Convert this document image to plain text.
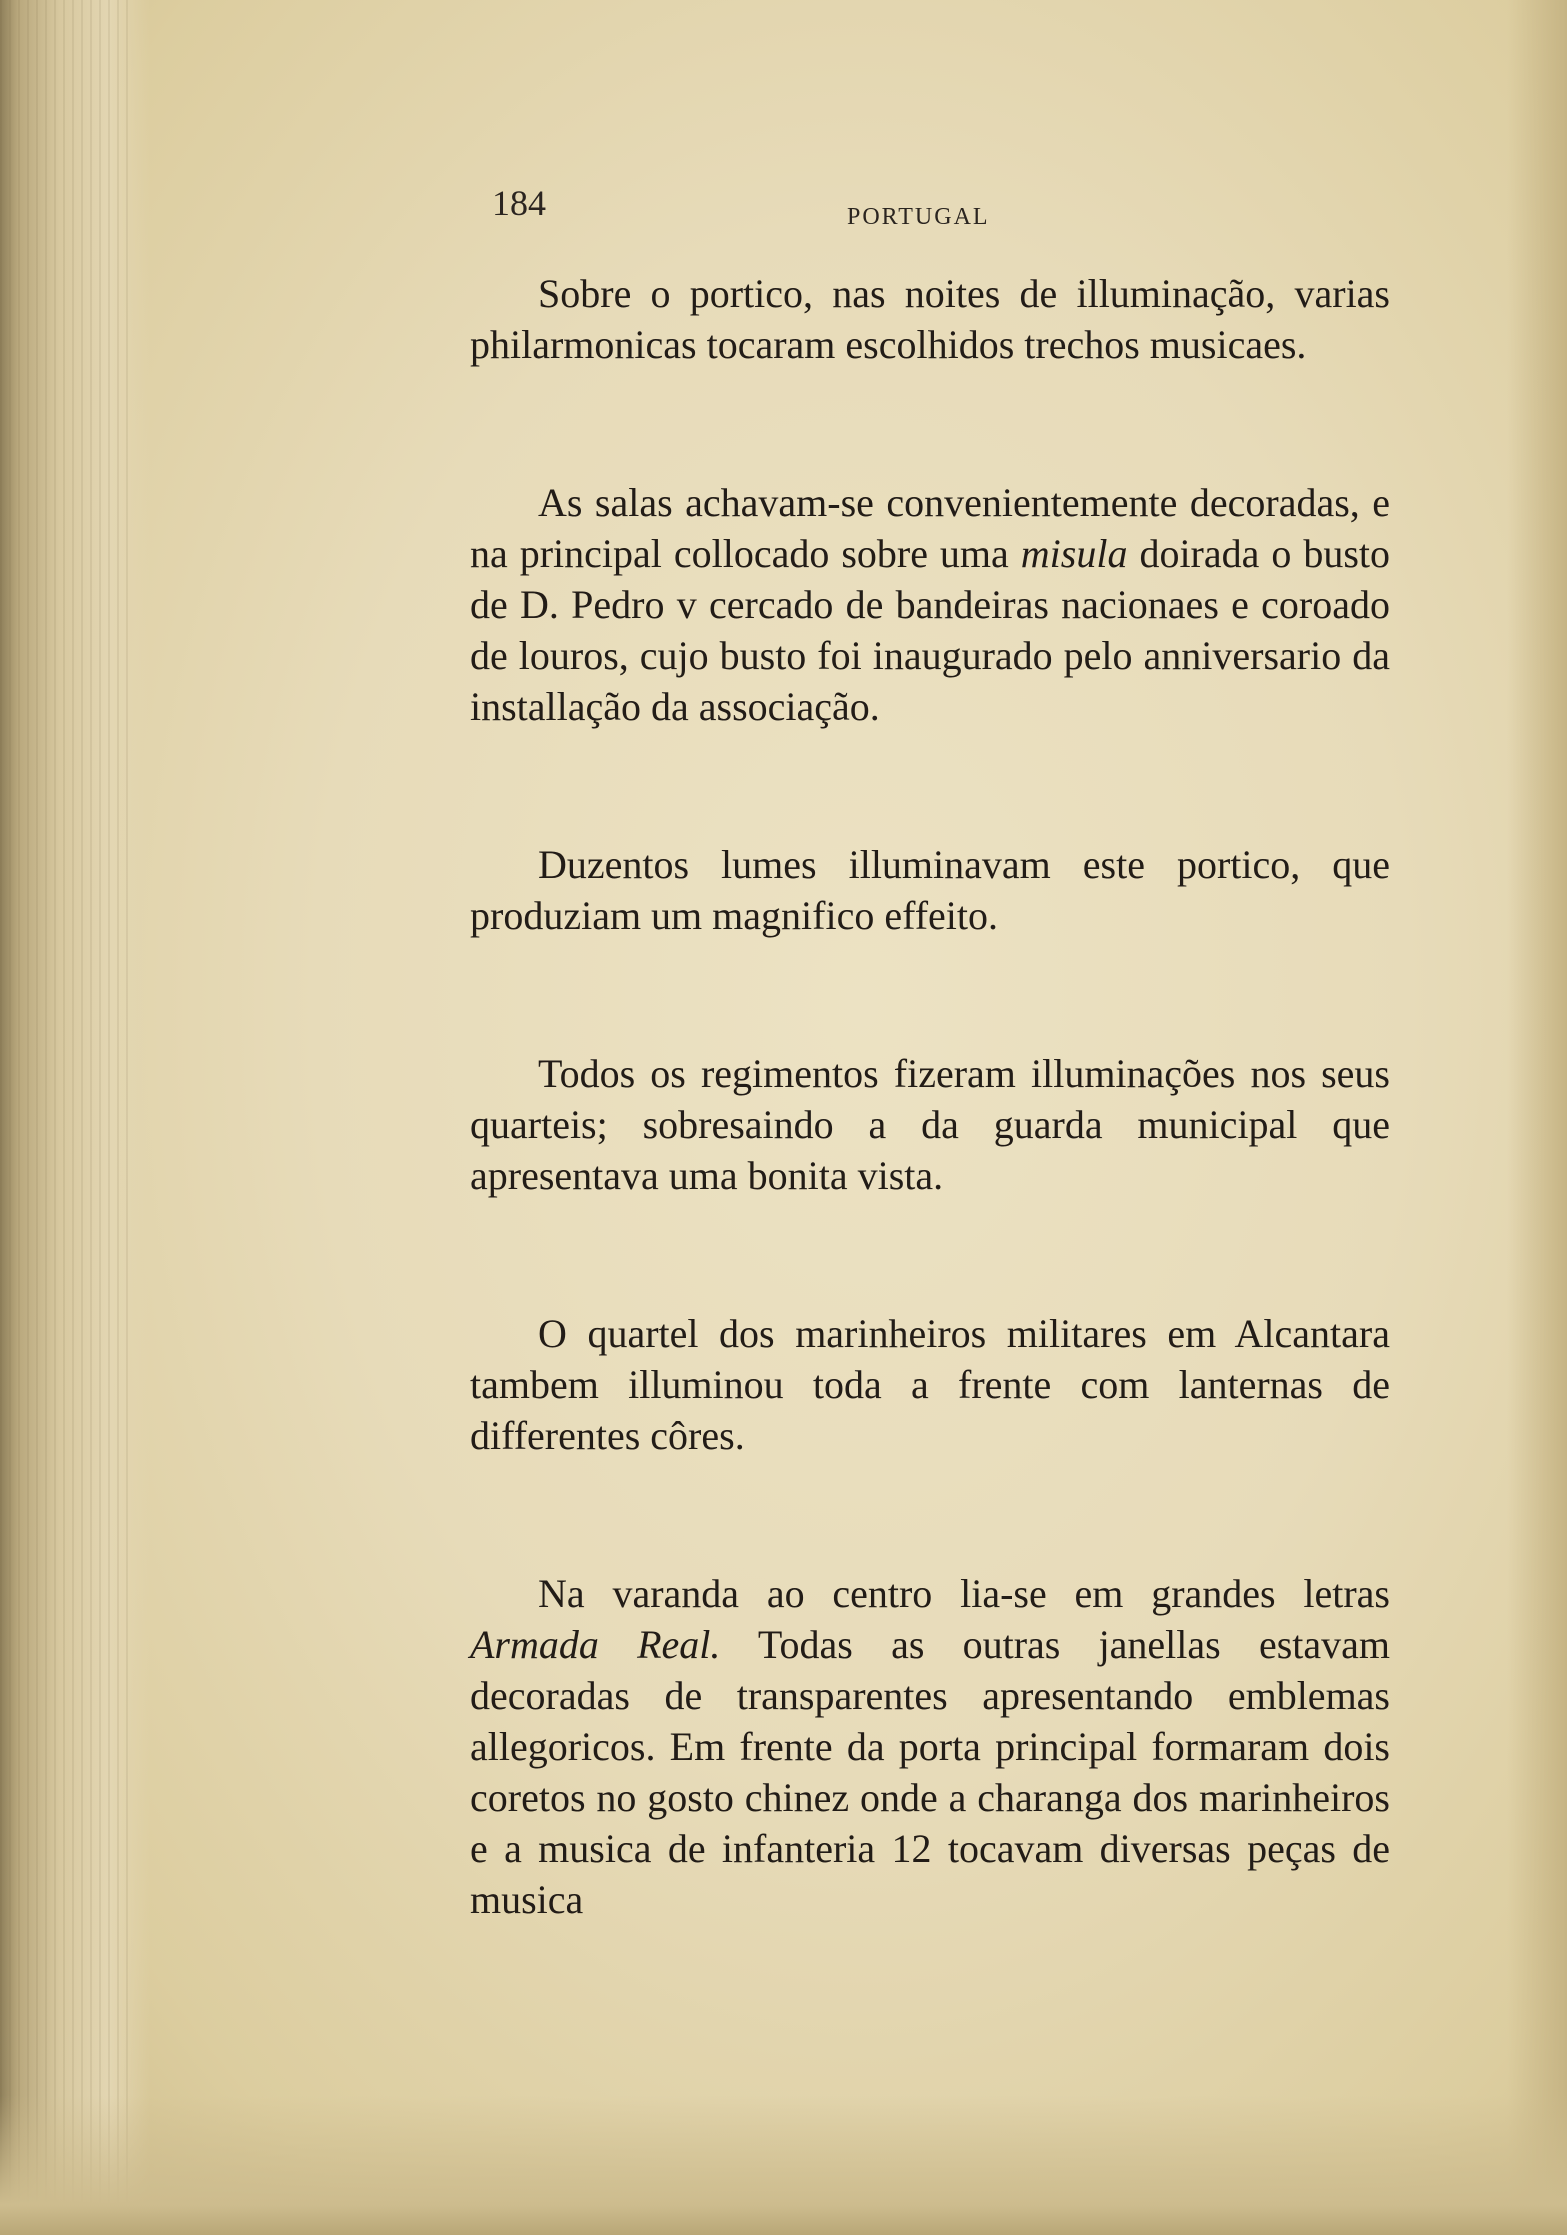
184	PORTUGAL

Sobre o portico, nas noites de illuminação, varias philarmonicas tocaram escolhidos trechos musicaes.

As salas achavam-se convenientemente decoradas, e na principal collocado sobre uma misula doirada o busto de D. Pedro v cercado de bandeiras nacionaes e coroado de louros, cujo busto foi inaugurado pelo anniversario da installação da associação.

Duzentos lumes illuminavam este portico, que produziam um magnifico effeito.

Todos os regimentos fizeram illuminações nos seus quarteis; sobresaindo a da guarda municipal que apresentava uma bonita vista.

O quartel dos marinheiros militares em Alcantara tambem illuminou toda a frente com lanternas de differentes côres.

Na varanda ao centro lia-se em grandes letras Armada Real. Todas as outras janellas estavam decoradas de transparentes apresentando emblemas allegoricos. Em frente da porta principal formaram dois coretos no gosto chinez onde a charanga dos marinheiros e a musica de infanteria 12 tocavam diversas peças de musica
